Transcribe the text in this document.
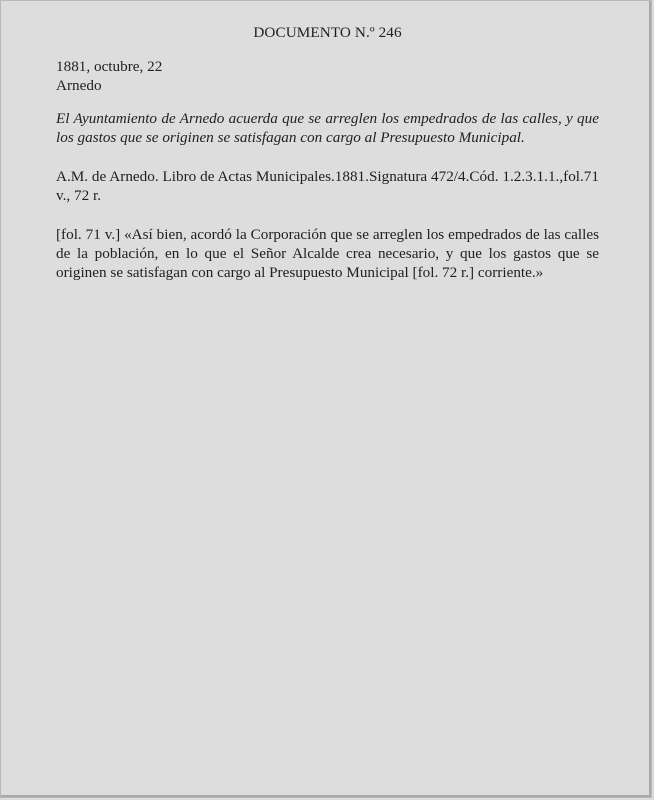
DOCUMENTO N.º 246
1881, octubre, 22
Arnedo

El Ayuntamiento de Arnedo acuerda que se arreglen los empedrados de las calles, y que los gastos que se originen se satisfagan con cargo al Presupuesto Municipal.

A.M. de Arnedo. Libro de Actas Municipales.1881.Signatura 472/4.Cód. 1.2.3.1.1.,fol.71 v., 72 r.

[fol. 71 v.] «Así bien, acordó la Corporación que se arreglen los empedrados de las calles de la población, en lo que el Señor Alcalde crea necesario, y que los gastos que se originen se satisfagan con cargo al Presupuesto Municipal [fol. 72 r.] corriente.»
